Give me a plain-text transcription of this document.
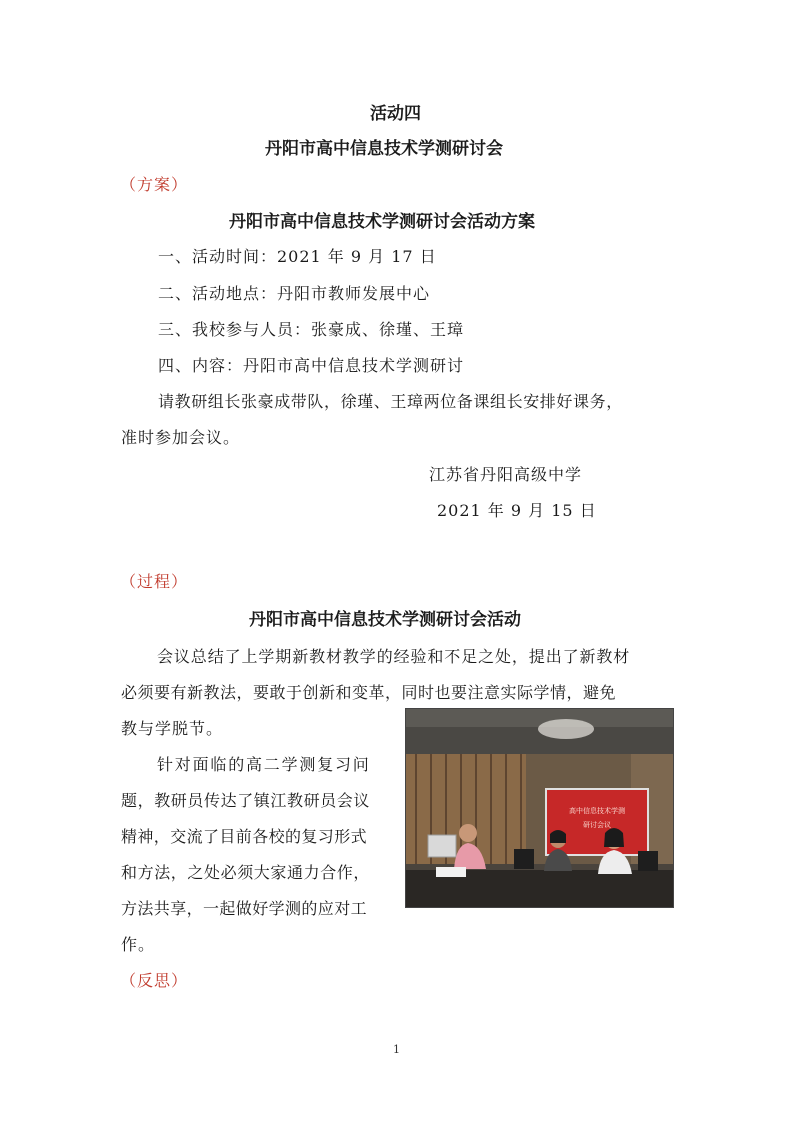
活动四
丹阳市高中信息技术学测研讨会
（方案）
丹阳市高中信息技术学测研讨会活动方案
一、活动时间：2021 年 9 月 17 日
二、活动地点：丹阳市教师发展中心
三、我校参与人员：张豪成、徐瑾、王璋
四、内容：丹阳市高中信息技术学测研讨
请教研组长张豪成带队，徐瑾、王璋两位备课组长安排好课务，
准时参加会议。
江苏省丹阳高级中学
2021 年 9 月 15 日
（过程）
丹阳市高中信息技术学测研讨会活动
会议总结了上学期新教材教学的经验和不足之处，提出了新教材
必须要有新教法，要敢于创新和变革，同时也要注意实际学情，避免
教与学脱节。
针对面临的高二学测复习问
题，教研员传达了镇江教研员会议
精神，交流了目前各校的复习形式
和方法，之处必须大家通力合作，
方法共享，一起做好学测的应对工
作。
高中信息技术学测
研讨会议
（反思）
1
